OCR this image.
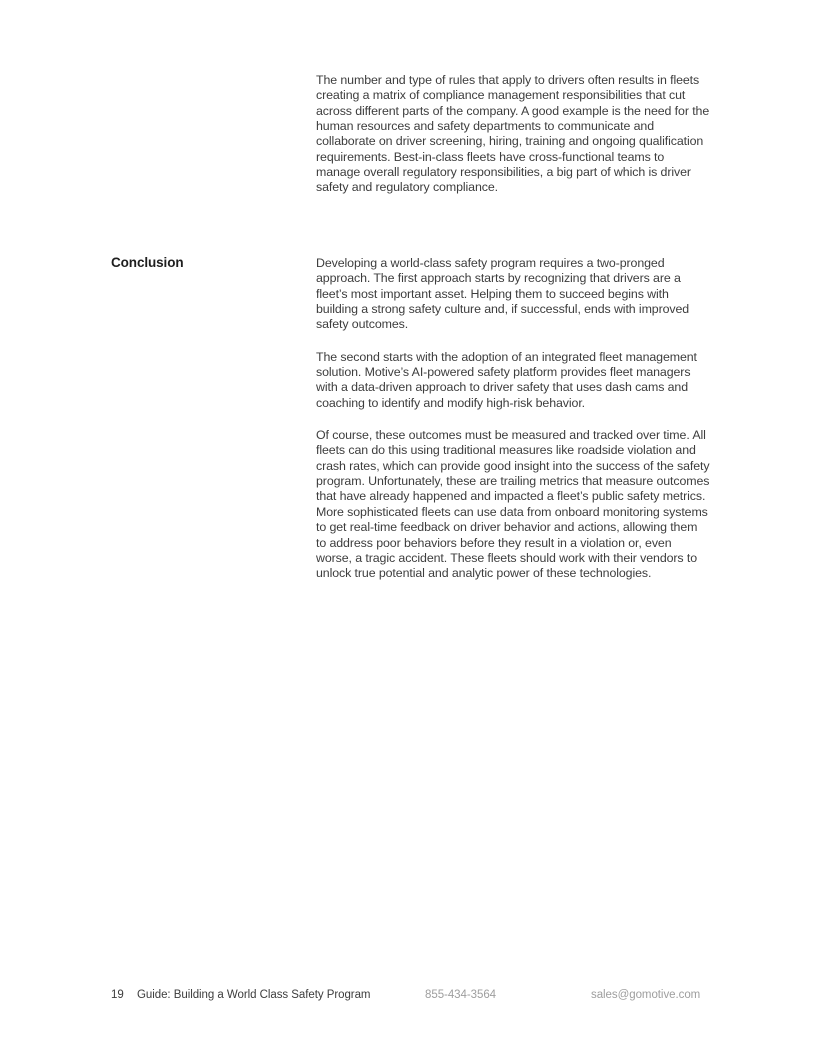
The number and type of rules that apply to drivers often results in fleets creating a matrix of compliance management responsibilities that cut across different parts of the company. A good example is the need for the human resources and safety departments to communicate and collaborate on driver screening, hiring, training and ongoing qualification requirements. Best-in-class fleets have cross-functional teams to manage overall regulatory responsibilities, a big part of which is driver safety and regulatory compliance.

Conclusion	Developing a world-class safety program requires a two-pronged approach. The first approach starts by recognizing that drivers are a fleet’s most important asset. Helping them to succeed begins with building a strong safety culture and, if successful, ends with improved safety outcomes.

The second starts with the adoption of an integrated fleet management solution. Motive’s AI-powered safety platform provides fleet managers with a data-driven approach to driver safety that uses dash cams and coaching to identify and modify high-risk behavior.

Of course, these outcomes must be measured and tracked over time. All fleets can do this using traditional measures like roadside violation and crash rates, which can provide good insight into the success of the safety program. Unfortunately, these are trailing metrics that measure outcomes that have already happened and impacted a fleet’s public safety metrics. More sophisticated fleets can use data from onboard monitoring systems to get real-time feedback on driver behavior and actions, allowing them to address poor behaviors before they result in a violation or, even worse, a tragic accident. These fleets should work with their vendors to unlock true potential and analytic power of these technologies.

19 Guide: Building a World Class Safety Program	855-434-3564	sales@gomotive.com
